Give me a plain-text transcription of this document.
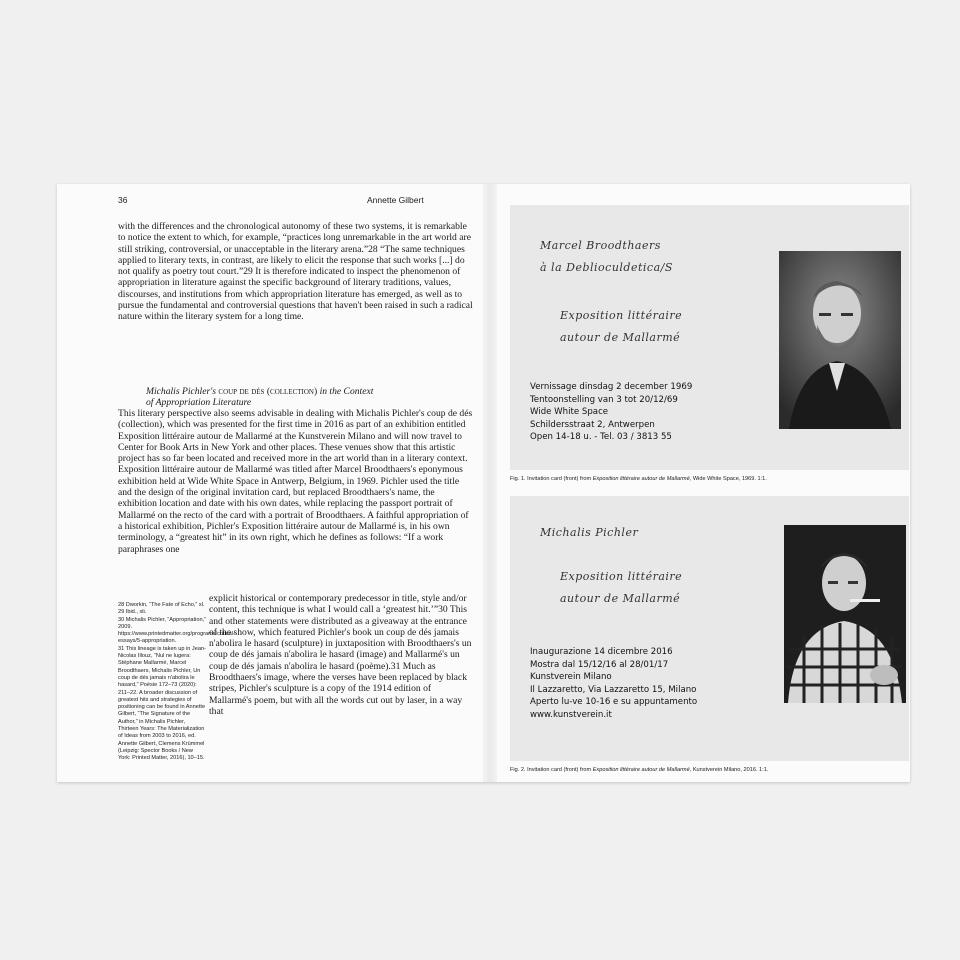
36	Annette Gilbert

with the differences and the chronological autonomy of these two systems, it is remarkable to notice the extent to which, for example, “practices long unremarkable in the art world are still striking, controversial, or unacceptable in the literary arena.”28 “The same techniques applied to literary texts, in contrast, are likely to elicit the response that such works [...] do not qualify as poetry tout court.”29 It is therefore indicated to inspect the phenomenon of appropriation in literature against the specific background of literary traditions, values, discourses, and institutions from which appropriation literature has emerged, as well as to pursue the fundamental and controversial questions that haven't been raised in such a radical nature within the literary system for a long time.

Michalis Pichler's coup de dés (collection) in the Context
of Appropriation Literature

This literary perspective also seems advisable in dealing with Michalis Pichler's coup de dés (collection), which was presented for the first time in 2016 as part of an exhibition entitled Exposition littéraire autour de Mallarmé at the Kunstverein Milano and will now travel to Center for Book Arts in New York and other places. These venues show that this artistic project has so far been located and received more in the art world than in a literary context. Exposition littéraire autour de Mallarmé was titled after Marcel Broodthaers's eponymous exhibition held at Wide White Space in Antwerp, Belgium, in 1969. Pichler used the title and the design of the original invitation card, but replaced Broodthaers's name, the exhibition location and date with his own dates, while replacing the passport portrait of Mallarmé on the recto of the card with a portrait of Broodthaers. A faithful appropriation of a historical exhibition, Pichler's Exposition littéraire autour de Mallarmé is, in his own terminology, a “greatest hit” in its own right, which he defines as follows: “If a work paraphrases one

explicit historical or contemporary predecessor in title, style and/or content, this technique is what I would call a ‘greatest hit.’”30 This and other statements were distributed as a giveaway at the entrance of the show, which featured Pichler's book un coup de dés jamais n'abolira le hasard (sculpture) in juxtaposition with Broodthaers's un coup de dés jamais n'abolira le hasard (image) and Mallarmé's un coup de dés jamais n'abolira le hasard (poème).31 Much as Broodthaers's image, where the verses have been replaced by black stripes, Pichler's sculpture is a copy of the 1914 edition of Mallarmé's poem, but with all the words cut out by laser, in a way that

28 Dworkin, “The Fate of Echo,” xl.
29 Ibid., xli.
30 Michalis Pichler, “Appropriation,” 2009. https://www.printedmatter.org/programs/critical-essays/5-appropriation.
31 This lineage is taken up in Jean-Nicolas Illouz, “Nul ne lugera: Stéphane Mallarmé, Marcel Broodthaers, Michalis Pichler, Un coup de dés jamais n'abolira le hasard,” Poésie 172–73 (2020): 211–22. A broader discussion of greatest hits and strategies of positioning can be found in Annette Gilbert, “The Signature of the Author,” in Michalis Pichler, Thirteen Years: The Materialization of Ideas from 2003 to 2016, ed. Annette Gilbert, Clemens Krümmel (Leipzig: Spector Books / New York: Printed Matter, 2016), 10–15.
Marcel Broodthaers
à la Deblioculdetica/S
Exposition littéraire
autour de Mallarmé
Vernissage dinsdag 2 december 1969
Tentoonstelling van 3 tot 20/12/69
Wide White Space
Schildersstraat 2, Antwerpen
Open 14-18 u. - Tel. 03 / 3813 55
Fig. 1. Invitation card (front) from Exposition littéraire autour de Mallarmé, Wide White Space, 1969. 1:1.
Michalis Pichler
Exposition littéraire
autour de Mallarmé
Inaugurazione 14 dicembre 2016
Mostra dal 15/12/16 al 28/01/17
Kunstverein Milano
Il Lazzaretto, Via Lazzaretto 15, Milano
Aperto lu-ve 10-16 e su appuntamento
www.kunstverein.it
Fig. 2. Invitation card (front) from Exposition littéraire autour de Mallarmé, Kunstverein Milano, 2016. 1:1.
